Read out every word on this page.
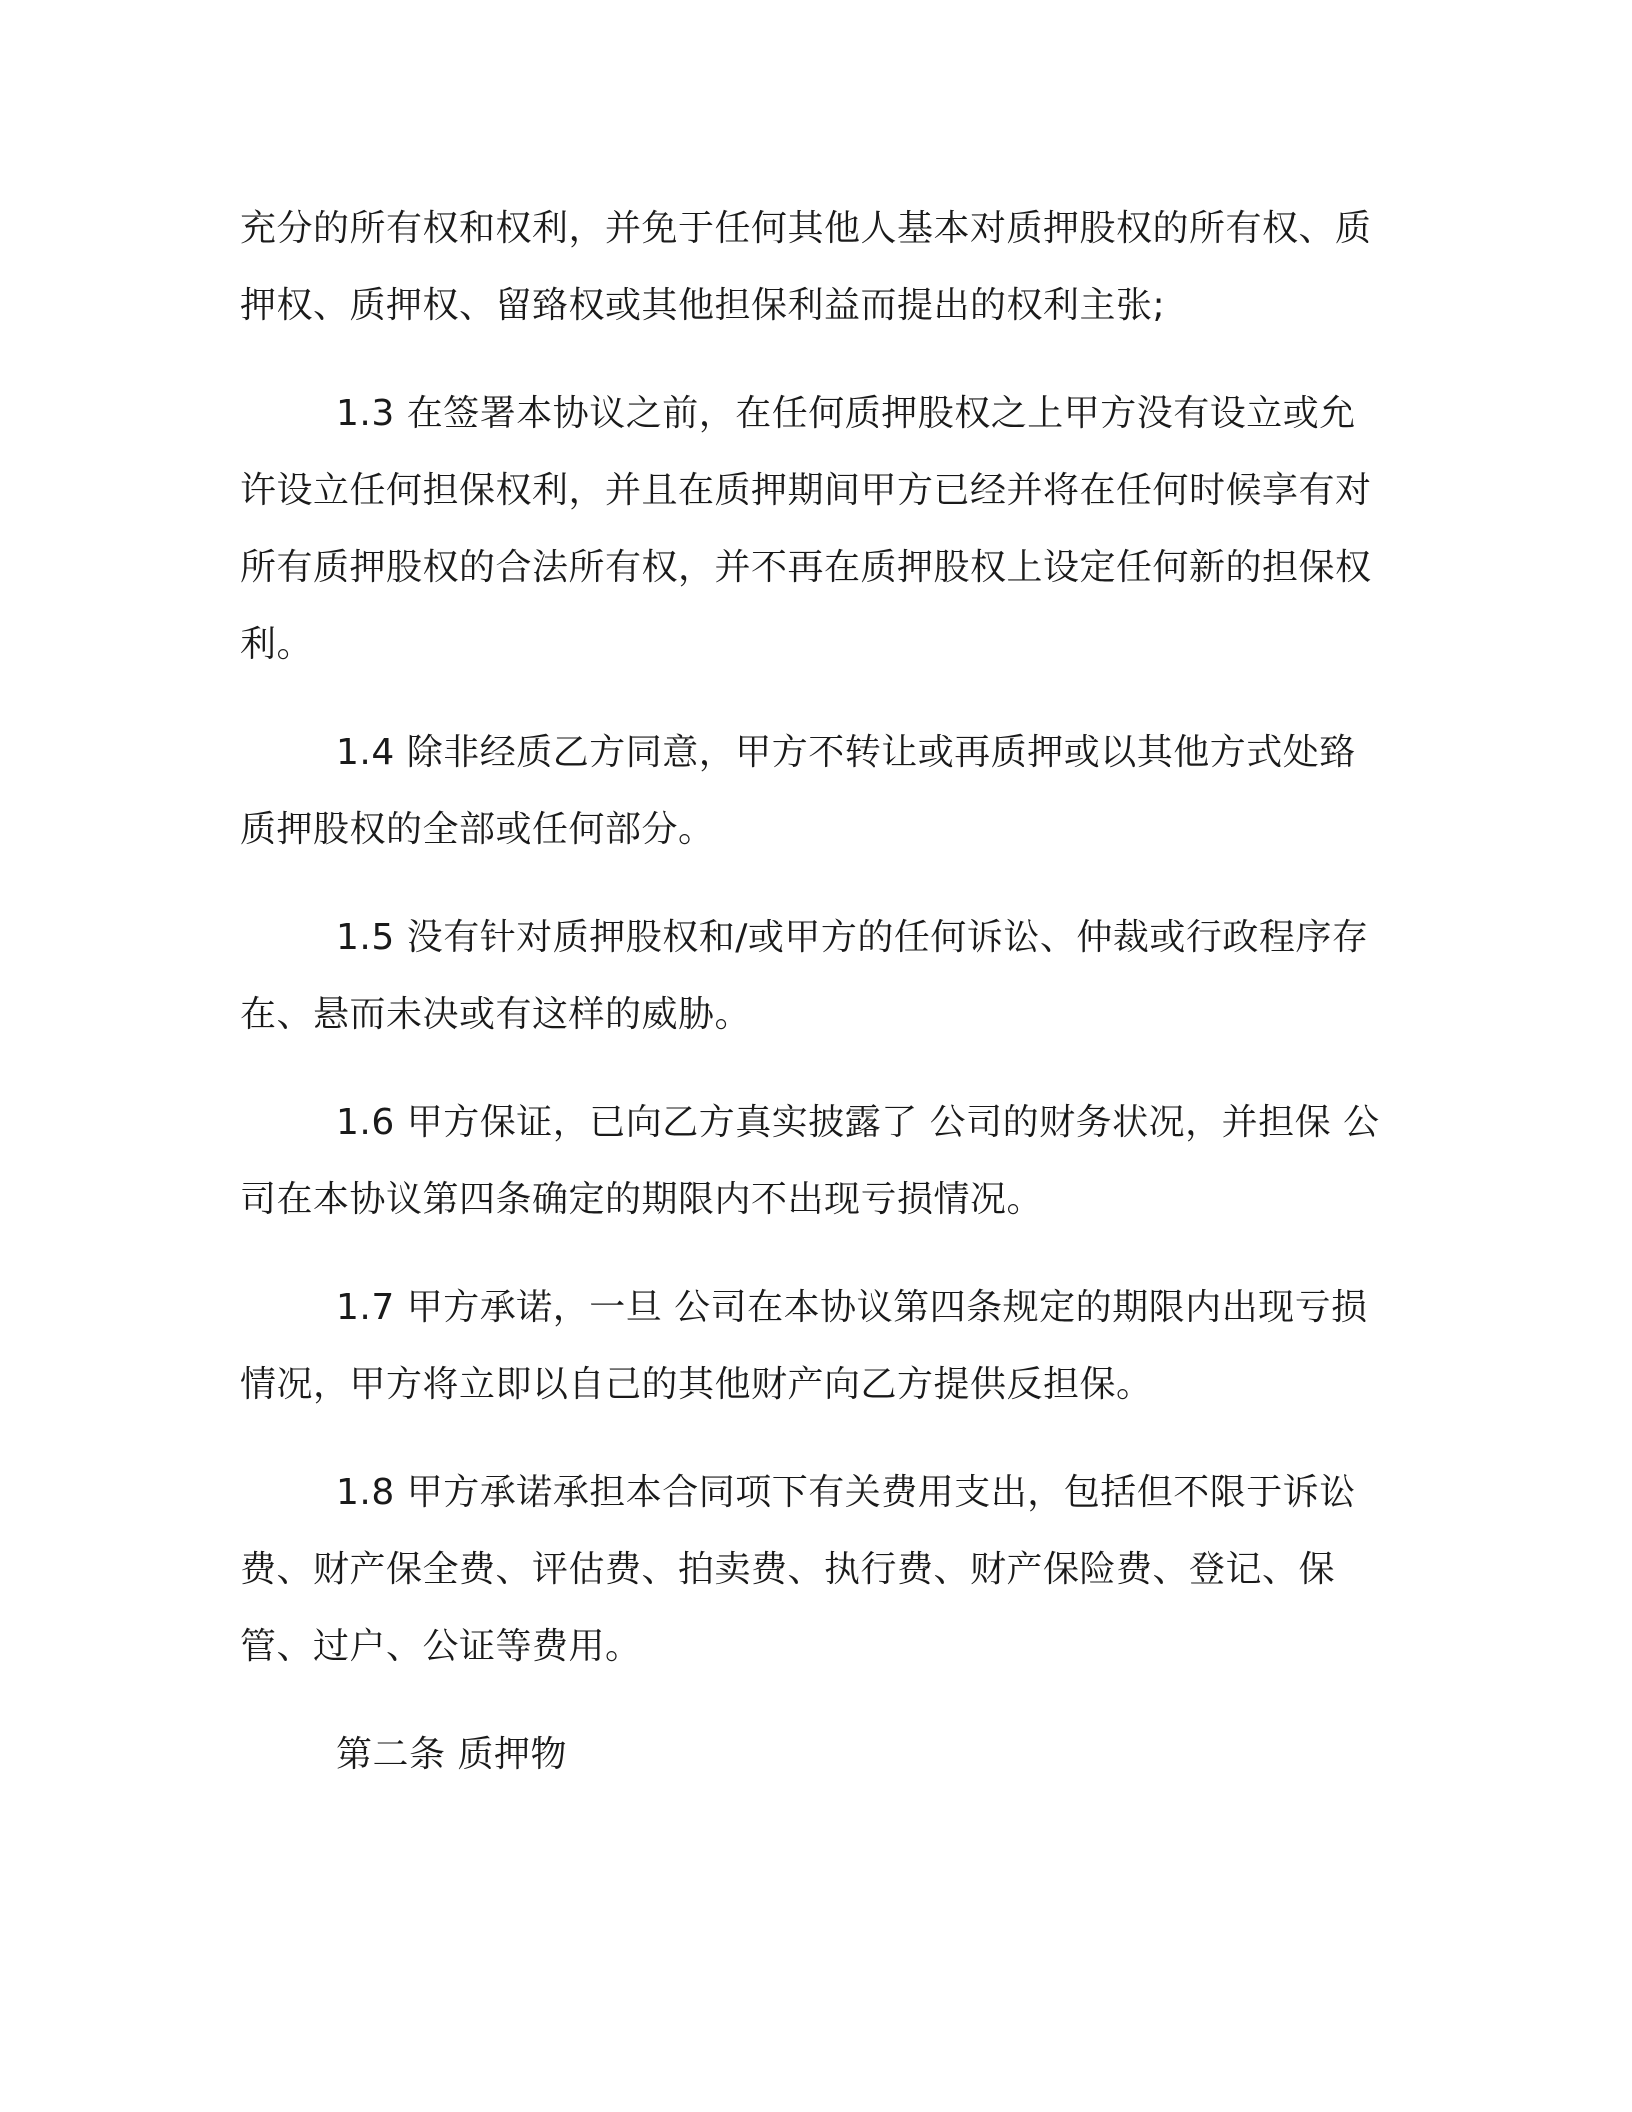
充分的所有权和权利，并免于任何其他人基本对质押股权的所有权、质押权、质押权、留臵权或其他担保利益而提出的权利主张;

1.3 在签署本协议之前，在任何质押股权之上甲方没有设立或允许设立任何担保权利，并且在质押期间甲方已经并将在任何时候享有对所有质押股权的合法所有权，并不再在质押股权上设定任何新的担保权利。

1.4 除非经质乙方同意，甲方不转让或再质押或以其他方式处臵质押股权的全部或任何部分。

1.5 没有针对质押股权和/或甲方的任何诉讼、仲裁或行政程序存在、悬而未决或有这样的威胁。

1.6 甲方保证，已向乙方真实披露了 公司的财务状况，并担保 公司在本协议第四条确定的期限内不出现亏损情况。

1.7 甲方承诺，一旦 公司在本协议第四条规定的期限内出现亏损情况，甲方将立即以自己的其他财产向乙方提供反担保。

1.8 甲方承诺承担本合同项下有关费用支出，包括但不限于诉讼费、财产保全费、评估费、拍卖费、执行费、财产保险费、登记、保管、过户、公证等费用。

第二条 质押物
